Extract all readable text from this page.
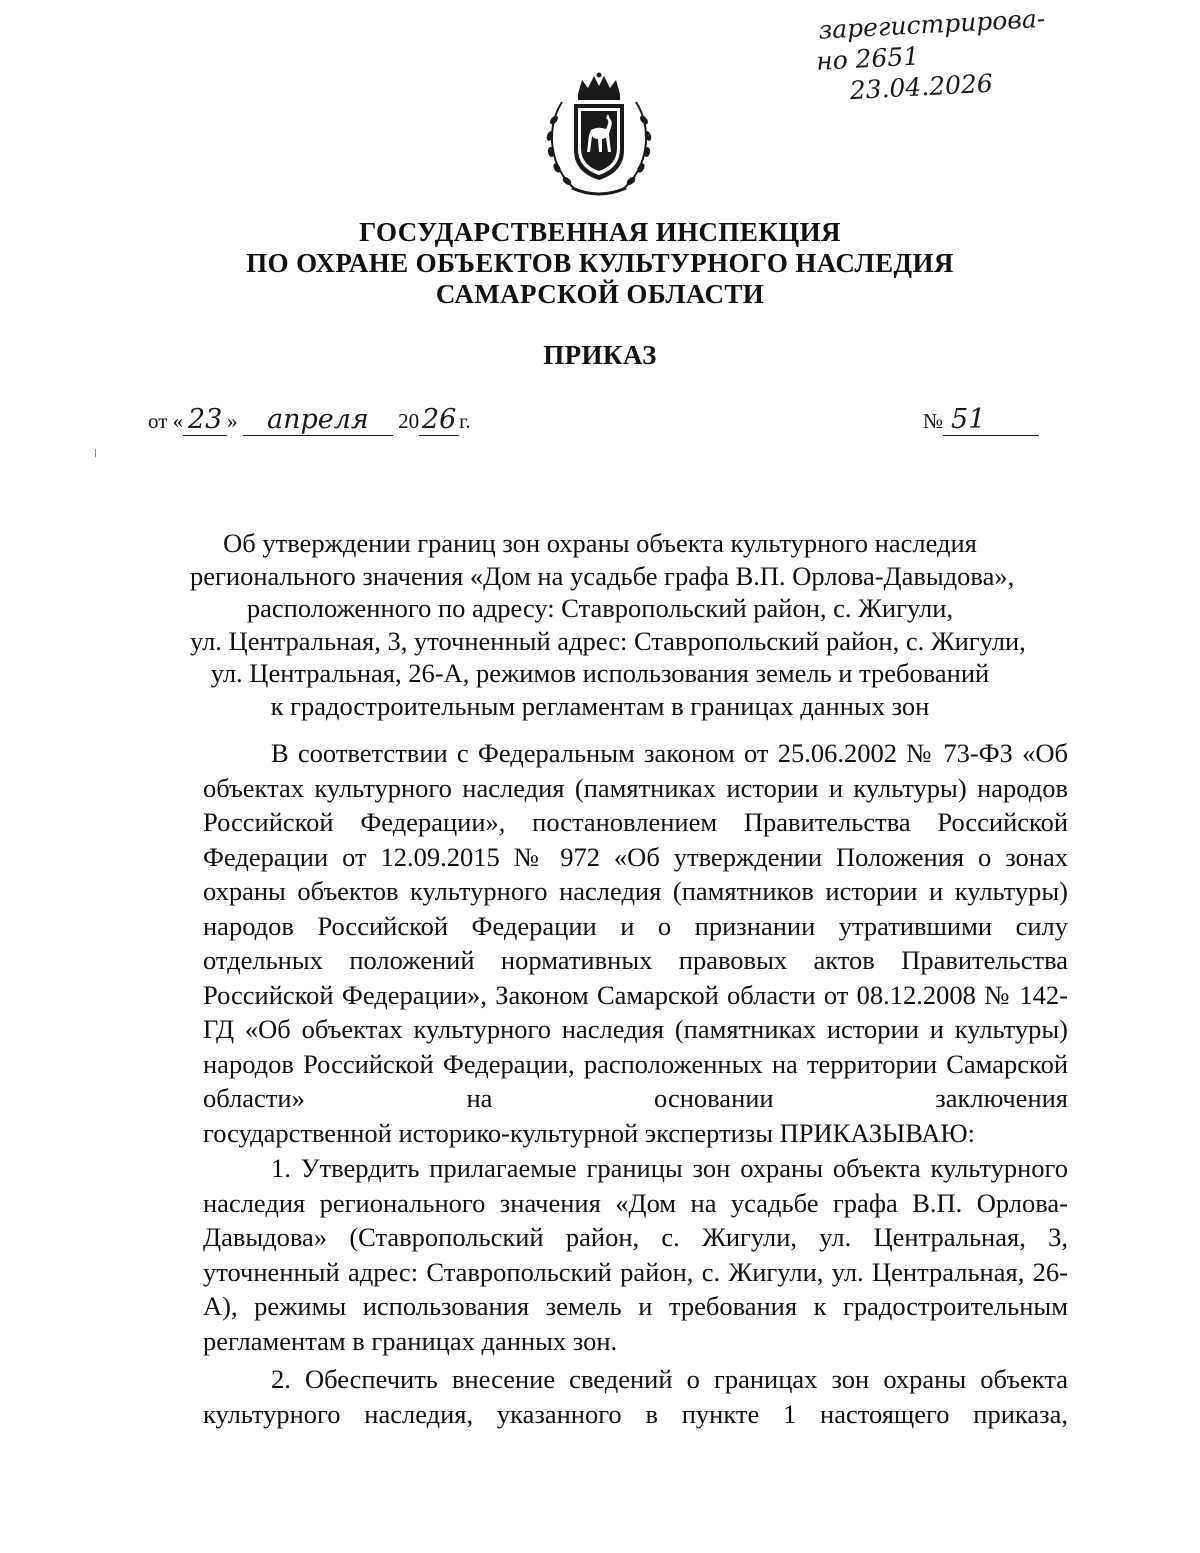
зарегистрирова-
но 2651
23.04.2026
ГОСУДАРСТВЕННАЯ ИНСПЕКЦИЯ
ПО ОХРАНЕ ОБЪЕКТОВ КУЛЬТУРНОГО НАСЛЕДИЯ
САМАРСКОЙ ОБЛАСТИ
ПРИКАЗ
от « 23 » апреля 20 26 г.	№ 51
Об утверждении границ зон охраны объекта культурного наследия
регионального значения «Дом на усадьбе графа В.П. Орлова-Давыдова»,
расположенного по адресу: Ставропольский район, с. Жигули,
ул. Центральная, 3, уточненный адрес: Ставропольский район, с. Жигули,
ул. Центральная, 26-А, режимов использования земель и требований
к градостроительным регламентам в границах данных зон

В соответствии с Федеральным законом от 25.06.2002 № 73-ФЗ «Об объектах культурного наследия (памятниках истории и культуры) народов Российской Федерации», постановлением Правительства Российской Федерации от 12.09.2015 № 972 «Об утверждении Положения о зонах охраны объектов культурного наследия (памятников истории и культуры) народов Российской Федерации и о признании утратившими силу отдельных положений нормативных правовых актов Правительства Российской Федерации», Законом Самарской области от 08.12.2008 № 142-ГД «Об объектах культурного наследия (памятниках истории и культуры) народов Российской Федерации, расположенных на территории Самарской области» на основании заключения

государственной историко-культурной экспертизы ПРИКАЗЫВАЮ:

1. Утвердить прилагаемые границы зон охраны объекта культурного наследия регионального значения «Дом на усадьбе графа В.П. Орлова-Давыдова» (Ставропольский район, с. Жигули, ул. Центральная, 3, уточненный адрес: Ставропольский район, с. Жигули, ул. Центральная, 26-А), режимы использования земель и требования к градостроительным

регламентам в границах данных зон.

2. Обеспечить внесение сведений о границах зон охраны объекта культурного наследия, указанного в пункте 1 настоящего приказа,
